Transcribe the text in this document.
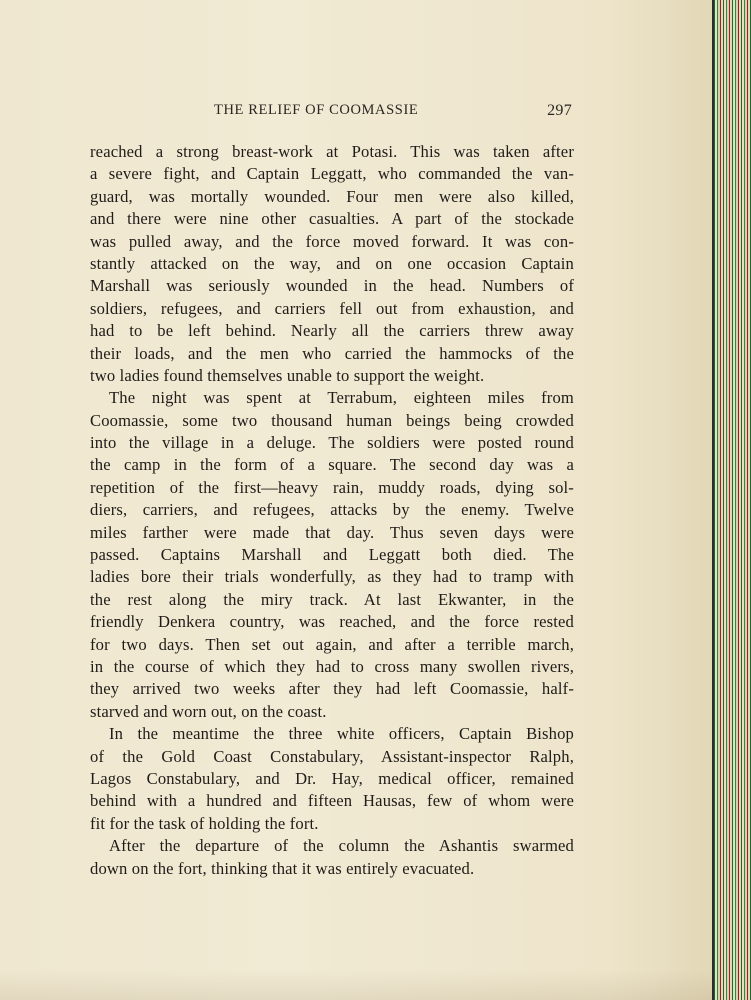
THE RELIEF OF COOMASSIE	297
reached a strong breast-work at Potasi. This was taken after
a severe fight, and Captain Leggatt, who commanded the van-
guard, was mortally wounded. Four men were also killed,
and there were nine other casualties. A part of the stockade
was pulled away, and the force moved forward. It was con-
stantly attacked on the way, and on one occasion Captain
Marshall was seriously wounded in the head. Numbers of
soldiers, refugees, and carriers fell out from exhaustion, and
had to be left behind. Nearly all the carriers threw away
their loads, and the men who carried the hammocks of the
two ladies found themselves unable to support the weight.
The night was spent at Terrabum, eighteen miles from
Coomassie, some two thousand human beings being crowded
into the village in a deluge. The soldiers were posted round
the camp in the form of a square. The second day was a
repetition of the first—heavy rain, muddy roads, dying sol-
diers, carriers, and refugees, attacks by the enemy. Twelve
miles farther were made that day. Thus seven days were
passed. Captains Marshall and Leggatt both died. The
ladies bore their trials wonderfully, as they had to tramp with
the rest along the miry track. At last Ekwanter, in the
friendly Denkera country, was reached, and the force rested
for two days. Then set out again, and after a terrible march,
in the course of which they had to cross many swollen rivers,
they arrived two weeks after they had left Coomassie, half-
starved and worn out, on the coast.
In the meantime the three white officers, Captain Bishop
of the Gold Coast Constabulary, Assistant-inspector Ralph,
Lagos Constabulary, and Dr. Hay, medical officer, remained
behind with a hundred and fifteen Hausas, few of whom were
fit for the task of holding the fort.
After the departure of the column the Ashantis swarmed
down on the fort, thinking that it was entirely evacuated.
